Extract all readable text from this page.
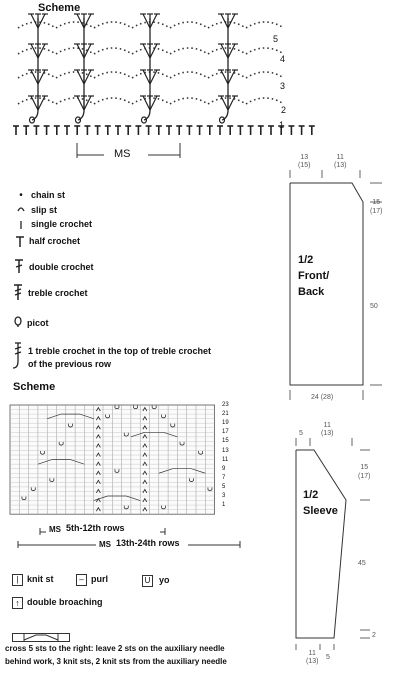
Scheme
MS
5
4
3
2
1
• chain st
slip st
single crochet
half crochet
double crochet
treble crochet
picot
1 treble crochet in the top of treble crochet
of the previous row
1/2
Front/
Back
13
(15)
11
(13)
15
(17)
50
24 (28)
Scheme
23
21
19
17
15
13
11
9
7
5
3
1
MS 5th-12th rows
MS 13th-24th rows
1/2
Sleeve
5
11
(13)
15
(17)
45
2
11
(13)
5
| knit st	– purl	U yo
↑ double broaching
cross 5 sts to the right: leave 2 sts on the auxiliary needle
behind work, 3 knit sts, 2 knit sts from the auxiliary needle
